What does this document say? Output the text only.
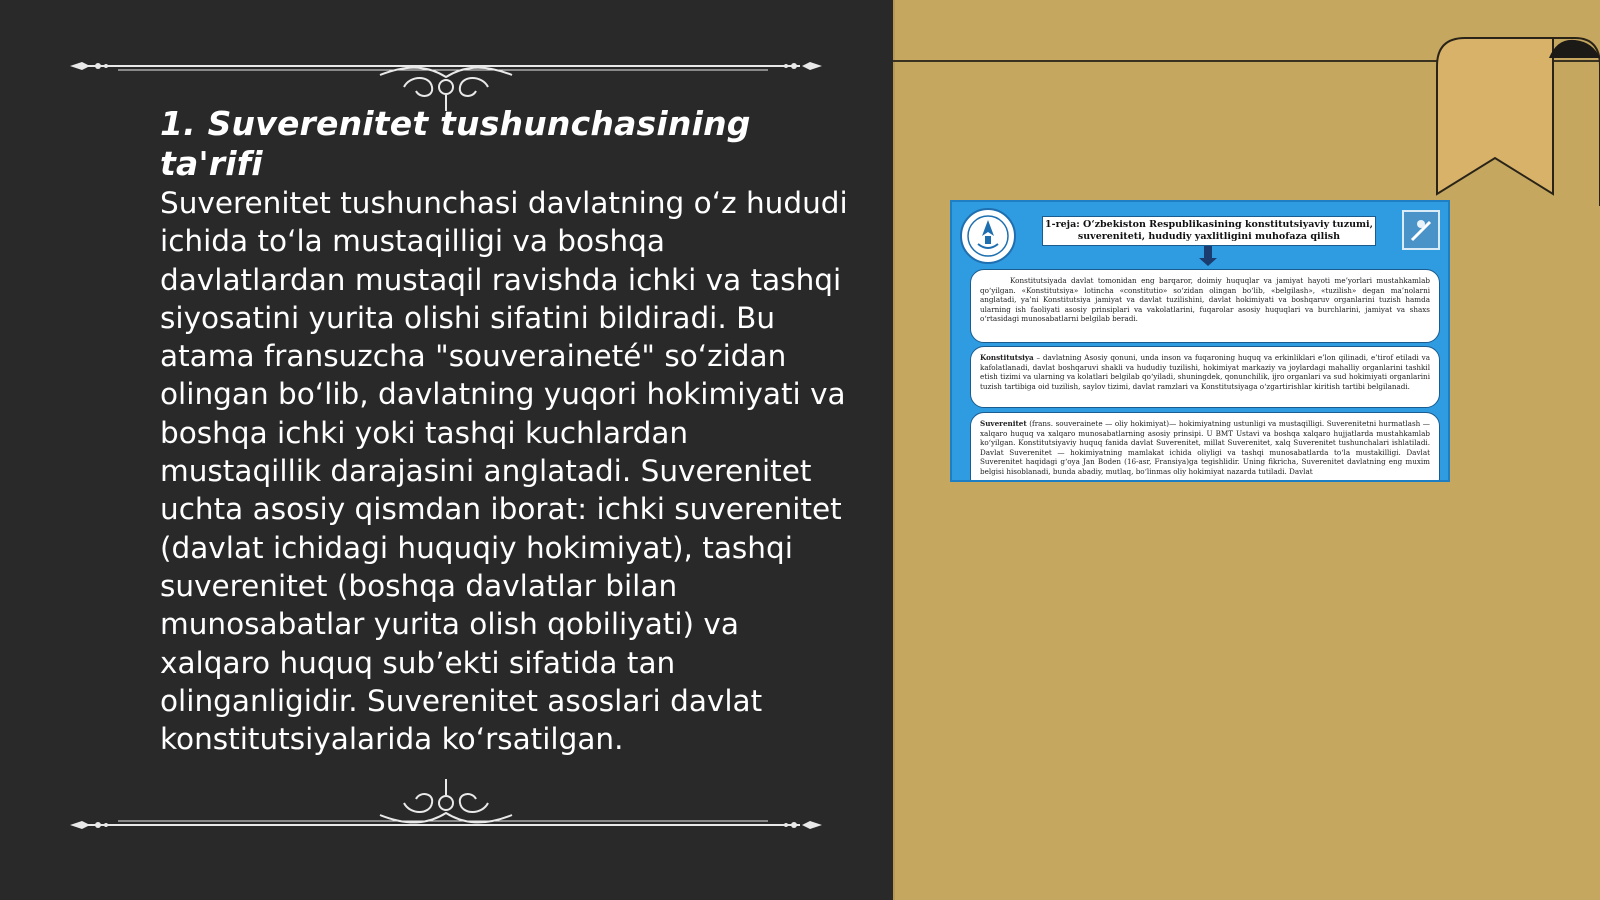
1. Suverenitet tushunchasining ta'rifi

Suverenitet tushunchasi davlatning o‘z hududi ichida to‘la mustaqilligi va boshqa davlatlardan mustaqil ravishda ichki va tashqi siyosatini yurita olishi sifatini bildiradi. Bu atama fransuzcha "souveraineté" so‘zidan olingan bo‘lib, davlatning yuqori hokimiyati va boshqa ichki yoki tashqi kuchlardan mustaqillik darajasini anglatadi. Suverenitet uchta asosiy qismdan iborat: ichki suverenitet (davlat ichidagi huquqiy hokimiyat), tashqi suverenitet (boshqa davlatlar bilan munosabatlar yurita olish qobiliyati) va xalqaro huquq sub’ekti sifatida tan olinganligidir. Suverenitet asoslari davlat konstitutsiyalarida ko‘rsatilgan.

1-reja: O‘zbekiston Respublikasining konstitutsiyaviy tuzumi, suvereniteti, hududiy yaxlitligini muhofaza qilish
Konstitutsiyada davlat tomonidan eng barqaror, doimiy huquqlar va jamiyat hayoti me’yorlari mustahkamlab qo‘yilgan. «Konstitutsiya» lotincha «constitutio» so‘zidan olingan bo‘lib, «belgilash», «tuzilish» degan ma’nolarni anglatadi, ya’ni Konstitutsiya jamiyat va davlat tuzilishini, davlat hokimiyati va boshqaruv organlarini tuzish hamda ularning ish faoliyati asosiy prinsiplari va vakolatlarini, fuqarolar asosiy huquqlari va burchlarini, jamiyat va shaxs o‘rtasidagi munosabatlarni belgilab beradi.
Konstitutsiya – davlatning Asosiy qonuni, unda inson va fuqaroning huquq va erkinliklari e’lon qilinadi, e’tirof etiladi va kafolatlanadi, davlat boshqaruvi shakli va hududiy tuzilishi, hokimiyat markaziy va joylardagi mahalliy organlarini tashkil etish tizimi va ularning va kolatlari belgilab qo‘yiladi, shuningdek, qonunchilik, ijro organlari va sud hokimiyati organlarini tuzish tartibiga oid tuzilish, saylov tizimi, davlat ramzlari va Konstitutsiyaga o‘zgartirishlar kiritish tartibi belgilanadi.
Suverenitet (frans. souverainete — oliy hokimiyat)— hokimiyatning ustunligi va mustaqilligi. Suverenitetni hurmatlash — xalqaro huquq va xalqaro munosabatlarning asosiy prinsipi. U BMT Ustavi va boshqa xalqaro hujjatlarda mustahkamlab ko‘yilgan. Konstitutsiyaviy huquq fanida davlat Suverenitet, millat Suverenitet, xalq Suverenitet tushunchalari ishlatiladi. Davlat Suverenitet — hokimiyatning mamlakat ichida oliyligi va tashqi munosabatlarda to‘la mustakilligi. Davlat Suverenitet haqidagi g‘oya Jan Boden (16-asr, Fransiya)ga tegishlidir. Uning fikricha, Suverenitet davlatning eng muxim belgisi hisoblanadi, bunda abadiy, mutlaq, bo‘linmas oliy hokimiyat nazarda tutiladi. Davlat
